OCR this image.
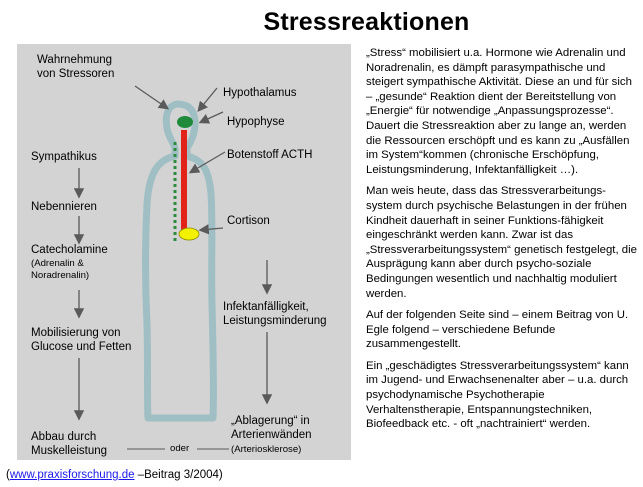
Stressreaktionen
Wahrnehmung
von Stressoren
Hypothalamus
Hypophyse
Sympathikus	Botenstoff ACTH
Nebennieren
Cortison
Catecholamine
(Adrenalin &
Noradrenalin)
Mobilisierung von
Glucose und Fetten
Infektanfälligkeit,
Leistungsminderung
Abbau durch
Muskelleistung
„Ablagerung“ in
Arterienwänden
(Arteriosklerose)
oder

„Stress“ mobilisiert u.a. Hormone wie Adrenalin und Noradrenalin, es dämpft parasympathische und steigert sympathische Aktivität. Diese an und für sich – „gesunde“ Reaktion dient der Bereitstellung von „Energie“ für notwendige „Anpassungsprozesse“. Dauert die Stressreaktion aber zu lange an, werden die Ressourcen erschöpft und es kann zu „Ausfällen im System“kommen (chronische Erschöpfung, Leistungsminderung, Infektanfälligkeit …).

Man weis heute, dass das Stressverarbeitungs-system durch psychische Belastungen in der frühen Kindheit dauerhaft in seiner Funktions-fähigkeit eingeschränkt werden kann. Zwar ist das „Stressverarbeitungssystem“ genetisch festgelegt, die Ausprägung kann aber durch psycho-soziale Bedingungen wesentlich und nachhaltig moduliert werden.

Auf der folgenden Seite sind – einem Beitrag von U. Egle folgend – verschiedene Befunde zusammengestellt.

Ein „geschädigtes Stressverarbeitungssystem“ kann im Jugend- und Erwachsenenalter aber – u.a. durch psychodynamische Psychotherapie Verhaltenstherapie, Entspannungstechniken, Biofeedback etc. - oft „nachtrainiert“ werden.

(www.praxisforschung.de –Beitrag 3/2004)
